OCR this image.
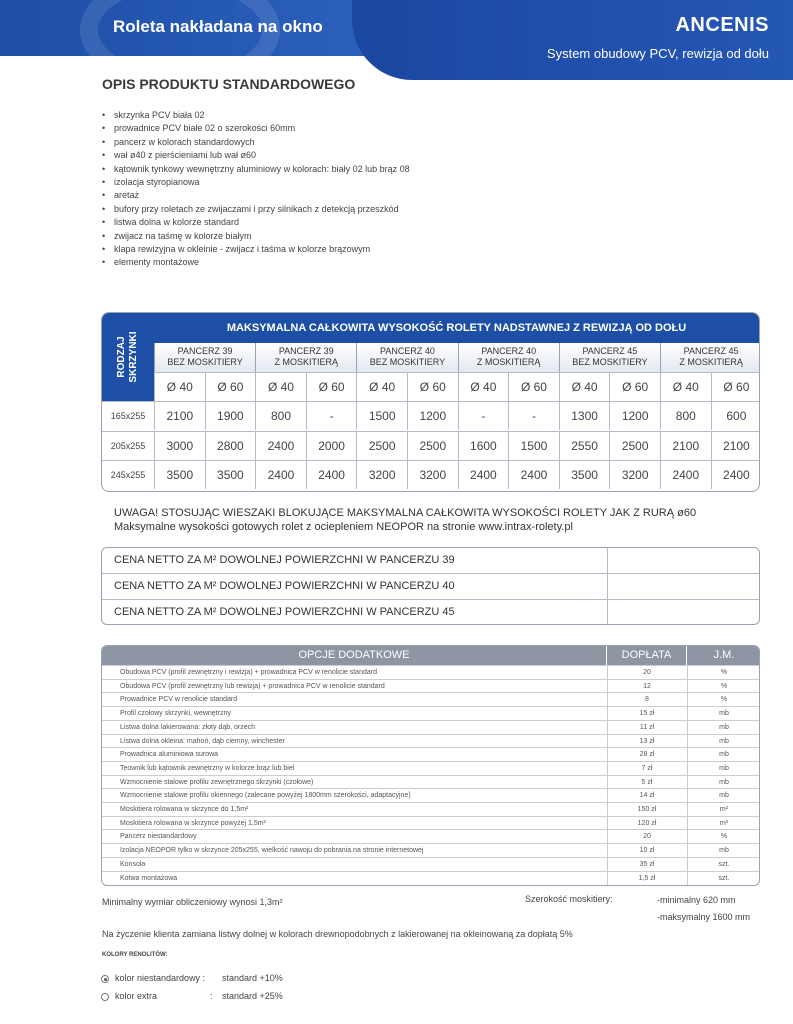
Roleta nakładana na okno	ANCENIS
System obudowy PCV, rewizja od dołu
OPIS PRODUKTU STANDARDOWEGO
• skrzynka PCV biała 02
• prowadnice PCV białe 02 o szerokości 60mm
• pancerz w kolorach standardowych
• wał ø40 z pierścieniami lub wał ø60
• kątownik tynkowy wewnętrzny aluminiowy w kolorach: biały 02 lub brąz 08
• izolacja styropianowa
• aretaż
• bufory przy roletach ze zwijaczami i przy silnikach z detekcją przeszkód
• listwa dolna w kolorze standard
• zwijacz na taśmę w kolorze białym
• klapa rewizyjna w okleinie - zwijacz i taśma w kolorze brązowym
• elementy montażowe
RODZAJ
SKRZYNKI
MAKSYMALNA CAŁKOWITA WYSOKOŚĆ ROLETY NADSTAWNEJ Z REWIZJĄ OD DOŁU
PANCERZ 39
BEZ MOSKITIERY
PANCERZ 39
Z MOSKITIERĄ
PANCERZ 40
BEZ MOSKITIERY
PANCERZ 40
Z MOSKITIERĄ
PANCERZ 45
BEZ MOSKITIERY
PANCERZ 45
Z MOSKITIERĄ
Ø 40	Ø 60	Ø 40	Ø 60	Ø 40	Ø 60	Ø 40	Ø 60	Ø 40	Ø 60	Ø 40	Ø 60
165x255	2100	1900	800	-	1500	1200	-	-	1300	1200	800	600
205x255	3000	2800	2400	2000	2500	2500	1600	1500	2550	2500	2100	2100
245x255	3500	3500	2400	2400	3200	3200	2400	2400	3500	3200	2400	2400
UWAGA! STOSUJĄC WIESZAKI BLOKUJĄCE MAKSYMALNA CAŁKOWITA WYSOKOŚCI ROLETY JAK Z RURĄ ø60
Maksymalne wysokości gotowych rolet z ociepleniem NEOPOR na stronie www.intrax-rolety.pl
CENA NETTO ZA M² DOWOLNEJ POWIERZCHNI W PANCERZU 39
CENA NETTO ZA M² DOWOLNEJ POWIERZCHNI W PANCERZU 40
CENA NETTO ZA M² DOWOLNEJ POWIERZCHNI W PANCERZU 45
OPCJE DODATKOWE	DOPŁATA	J.M.
Obudowa PCV (profil zewnętrzny i rewizja) + prowadnica PCV w renolicie standard	20	%
Obudowa PCV (profil zewnętrzny lub rewizja) + prowadnica PCV w renolicie standard	12	%
Prowadnice PCV w renolicie standard	8	%
Profil czołowy skrzynki, wewnętrzny	15 zł	mb
Listwa dolna lakierowana: złoty dąb, orzech	11 zł	mb
Listwa dolna okleina: mahoń, dąb ciemny, winchester	13 zł	mb
Prowadnica aluminiowa surowa	28 zł	mb
Teownik lub kątownik zewnętrzny w kolorze brąz lub biel	7 zł	mb
Wzmocnienie stalowe profilu zewnętrznego skrzynki (czołowe)	5 zł	mb
Wzmocnienie stalowe profilu okiennego (zalecane powyżej 1800mm szerokości, adaptacyjne)	14 zł	mb
Moskitiera rolowana w skrzynce do 1,5m²	150 zł	m²
Moskitiera rolowana w skrzynce powyżej 1,5m²	120 zł	m²
Pancerz niestandardowy	20	%
Izolacja NEOPOR tylko w skrzynce 205x255, wielkość nawoju do pobrania na stronie internetowej	10 zł	mb
Konsola	35 zł	szt.
Kotwa montażowa	1,5 zł	szt.
Minimalny wymiar obliczeniowy wynosi 1,3m²	Szerokość moskitiery:	-minimalny 620 mm
-maksymalny 1600 mm
Na życzenie klienta zamiana listwy dolnej w kolorach drewnopodobnych z lakierowanej na okleinowaną za dopłatą 5%
KOLORY RENOLITÓW:
kolor niestandardowy : standard +10%
kolor extra	: standard +25%
